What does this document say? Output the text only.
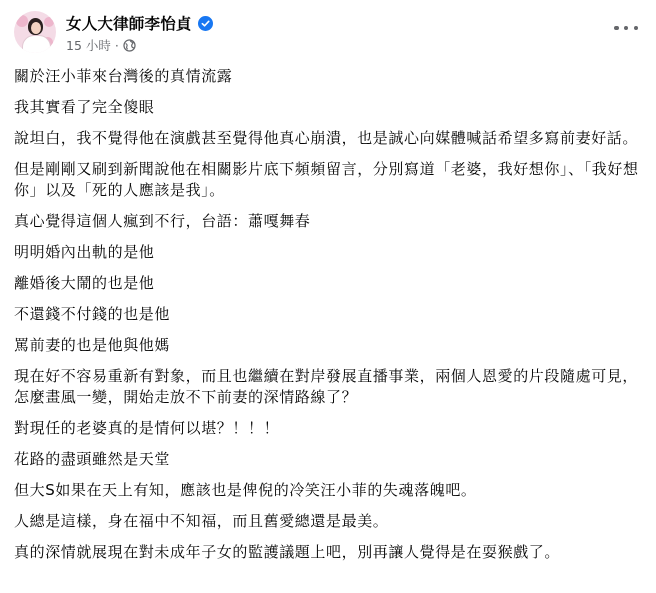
女人大律師李怡貞
15 小時 ·

關於汪小菲來台灣後的真情流露

我其實看了完全傻眼

說坦白，我不覺得他在演戲甚至覺得他真心崩潰，也是誠心向媒體喊話希望多寫前妻好話。

但是剛剛又刷到新聞說他在相關影片底下頻頻留言，分別寫道「老婆，我好想你」、「我好想你」以及「死的人應該是我」。

真心覺得這個人瘋到不行，台語：蕭嘎舞春

明明婚內出軌的是他

離婚後大鬧的也是他

不還錢不付錢的也是他

罵前妻的也是他與他媽

現在好不容易重新有對象，而且也繼續在對岸發展直播事業，兩個人恩愛的片段隨處可見，怎麼畫風一變，開始走放不下前妻的深情路線了？

對現任的老婆真的是情何以堪？！！！

花路的盡頭雖然是天堂

但大S如果在天上有知，應該也是俾倪的冷笑汪小菲的失魂落魄吧。

人總是這樣，身在福中不知福，而且舊愛總還是最美。

真的深情就展現在對未成年子女的監護議題上吧，別再讓人覺得是在耍猴戲了。
